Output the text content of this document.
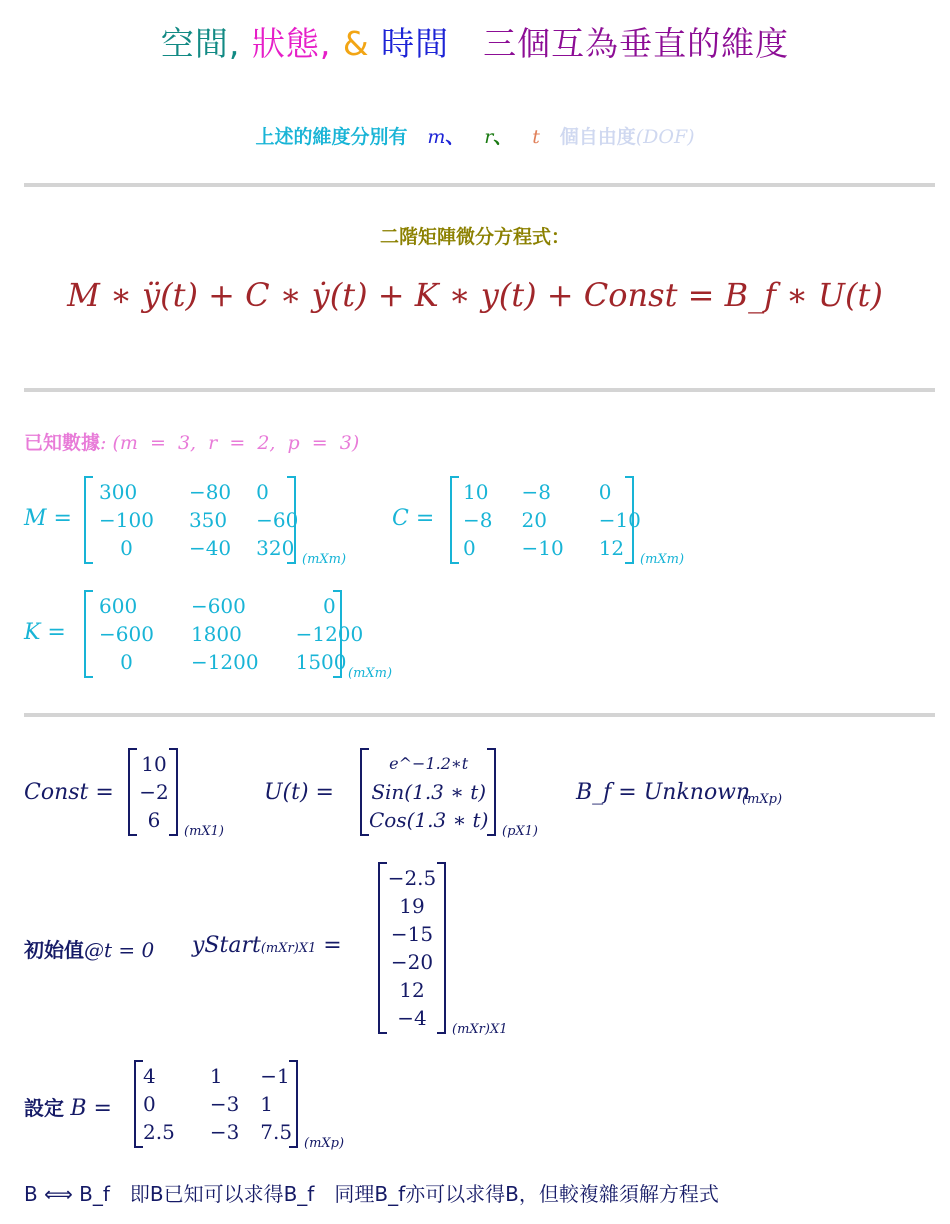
空間, 狀態, & 時間　三個互為垂直的維度
上述的維度分別有 m、 r、 t 個自由度(DOF)
二階矩陣微分方程式：
M ∗ ÿ(t) + C ∗ ẏ(t) + K ∗ y(t) + Const = B_f ∗ U(t)
已知數據: (m  =  3,  r  =  2,  p  =  3)
M =
300	−80	0
−100	350	−60
0	−40	320 (mXm)
C =
10	−8	0
−8	20	−10
0	−10	12 (mXm)
K =
600	−600	0
−600	1800	−1200
0	−1200	1500 (mXm)
Const =
10
−2
6 (mX1)
U(t) =
e^−1.2∗t
Sin(1.3 ∗ t)
Cos(1.3 ∗ t) (pX1)
B_f = Unknown
(mXp)
初始值@t = 0 yStart(mXr)X1 =
−2.5
19
−15
−20
12
−4 (mXr)X1
設定 B =
4	1	−1
0	−3	1
2.5	−3	7.5 (mXp)
B ⟺ B_f　即B已知可以求得B_f　同理B_f亦可以求得B，但較複雜須解方程式
